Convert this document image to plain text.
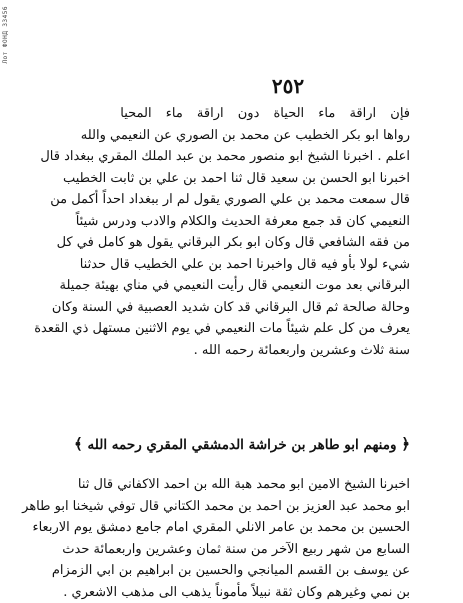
Лот ФОНД 33456
٢٥٢
فإن اراقة ماء الحياة دون اراقة ماء المحيا
رواها ابو بكر الخطيب عن محمد بن الصوري عن النعيمي والله
اعلم . اخبرنا الشيخ ابو منصور محمد بن عبد الملك المقري ببغداد قال
اخبرنا ابو الحسن بن سعيد قال ثنا احمد بن علي بن ثابت الخطيب
قال سمعت محمد بن علي الصوري يقول لم ار ببغداد احداً أكمل من
النعيمي كان قد جمع معرفة الحديث والكلام والادب ودرس شيئاً
من فقه الشافعي قال وكان ابو بكر البرقاني يقول هو كامل في كل
شيء لولا بأو فيه قال واخبرنا احمد بن علي الخطيب قال حدثنا
البرقاني بعد موت النعيمي قال رأيت النعيمي في مناي بهيئة جميلة
وحالة صالحة ثم قال البرقاني قد كان شديد العصبية في السنة وكان
يعرف من كل علم شيئاً مات النعيمي في يوم الاثنين مستهل ذي القعدة
سنة ثلاث وعشرين واربعمائة رحمه الله .
﴿ ومنهم ابو طاهر بن خراشة الدمشقي المقري رحمه الله ﴾
اخبرنا الشيخ الامين ابو محمد هبة الله بن احمد الاكفاني قال ثنا
ابو محمد عبد العزيز بن احمد بن محمد الكتاني قال توفي شيخنا ابو طاهر
الحسين بن محمد بن عامر الانلي المقري امام جامع دمشق يوم الاربعاء
السابع من شهر ربيع الآخر من سنة ثمان وعشرين واربعمائة حدث
عن يوسف بن القسم الميانجي والحسين بن ابراهيم بن ابي الزمزام
بن نمي وغيرهم وكان ثقة نبيلاً مأموناً يذهب الى مذهب الاشعري .
